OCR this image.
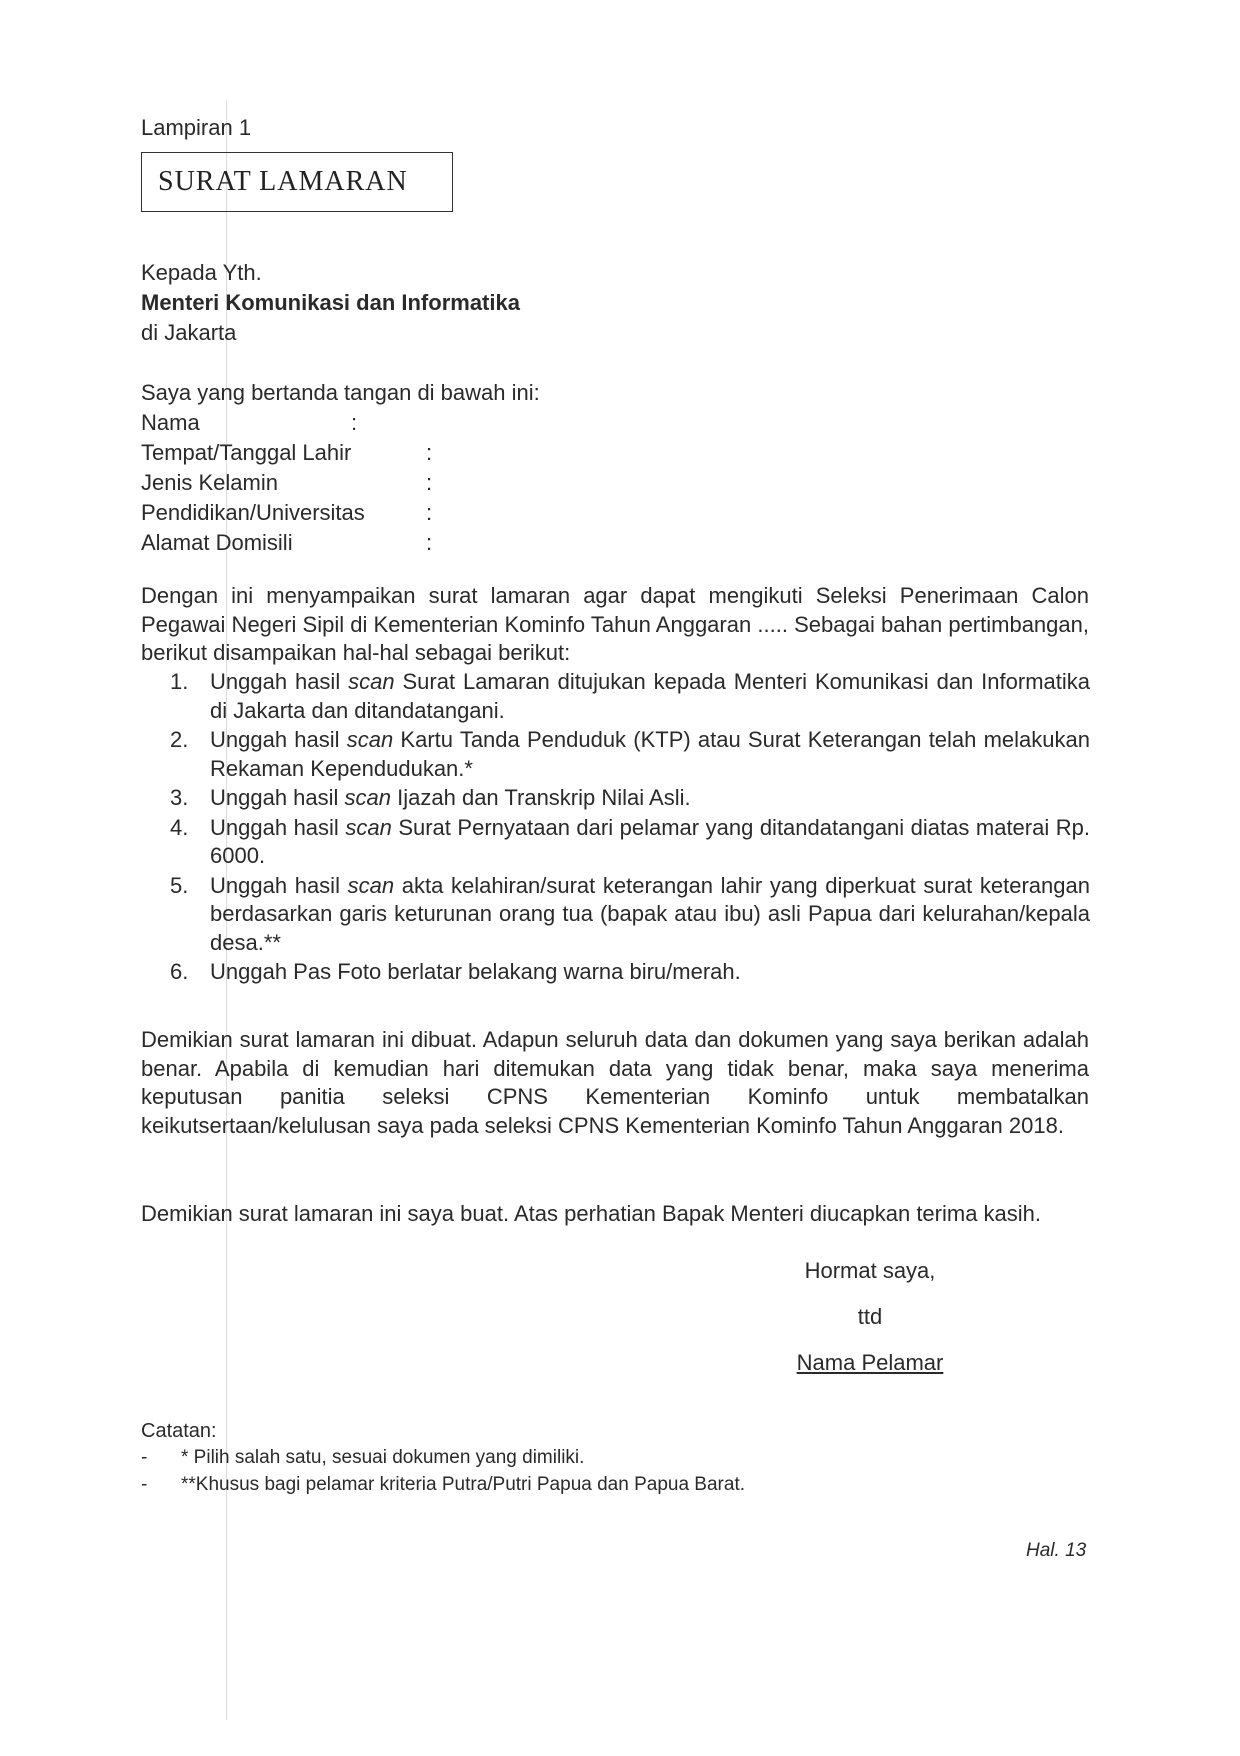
Lampiran 1

SURAT LAMARAN
Kepada Yth.
Menteri Komunikasi dan Informatika
di Jakarta

Saya yang bertanda tangan di bawah ini:

Nama	:
Tempat/Tanggal Lahir	:
Jenis Kelamin	:
Pendidikan/Universitas	:
Alamat Domisili	:

Dengan ini menyampaikan surat lamaran agar dapat mengikuti Seleksi Penerimaan Calon Pegawai Negeri Sipil di Kementerian Kominfo Tahun Anggaran ..... Sebagai bahan pertimbangan, berikut disampaikan hal-hal sebagai berikut:

1. Unggah hasil scan Surat Lamaran ditujukan kepada Menteri Komunikasi dan Informatika di Jakarta dan ditandatangani.
2. Unggah hasil scan Kartu Tanda Penduduk (KTP) atau Surat Keterangan telah melakukan Rekaman Kependudukan.*
3. Unggah hasil scan Ijazah dan Transkrip Nilai Asli.
4. Unggah hasil scan Surat Pernyataan dari pelamar yang ditandatangani diatas materai Rp. 6000.
5. Unggah hasil scan akta kelahiran/surat keterangan lahir yang diperkuat surat keterangan berdasarkan garis keturunan orang tua (bapak atau ibu) asli Papua dari kelurahan/kepala desa.**
6. Unggah Pas Foto berlatar belakang warna biru/merah.

Demikian surat lamaran ini dibuat. Adapun seluruh data dan dokumen yang saya berikan adalah benar. Apabila di kemudian hari ditemukan data yang tidak benar, maka saya menerima keputusan panitia seleksi CPNS Kementerian Kominfo untuk membatalkan keikutsertaan/kelulusan saya pada seleksi CPNS Kementerian Kominfo Tahun Anggaran 2018.

Demikian surat lamaran ini saya buat. Atas perhatian Bapak Menteri diucapkan terima kasih.

Hormat saya,
ttd
Nama Pelamar
Catatan:
-	* Pilih salah satu, sesuai dokumen yang dimiliki.
-	**Khusus bagi pelamar kriteria Putra/Putri Papua dan Papua Barat.
Hal. 13
